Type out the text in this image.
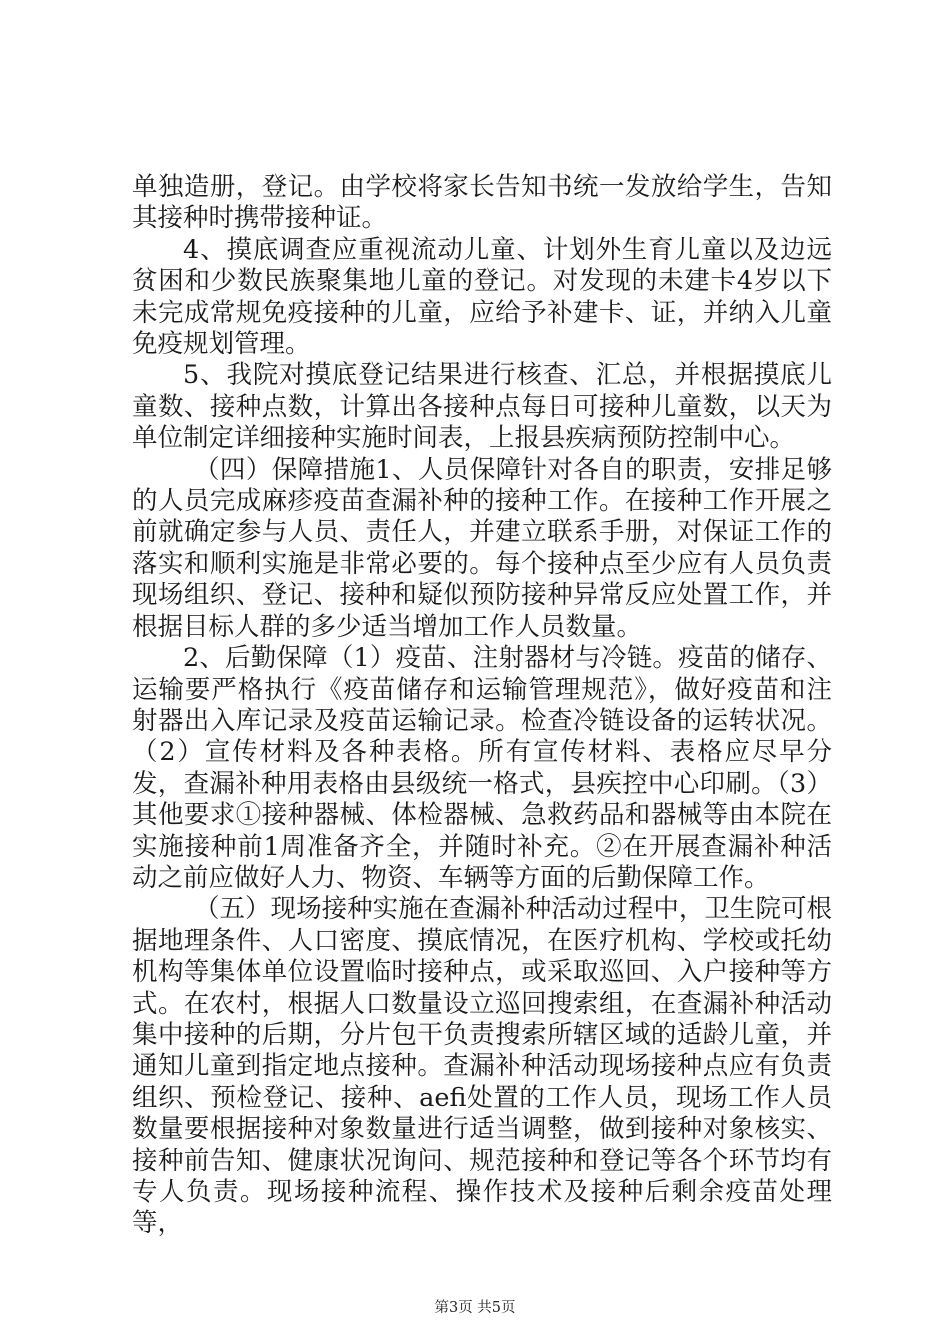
单独造册，登记。由学校将家长告知书统一发放给学生，告知其接种时携带接种证。

4、摸底调查应重视流动儿童、计划外生育儿童以及边远贫困和少数民族聚集地儿童的登记。对发现的未建卡4岁以下未完成常规免疫接种的儿童，应给予补建卡、证，并纳入儿童免疫规划管理。

5、我院对摸底登记结果进行核查、汇总，并根据摸底儿童数、接种点数，计算出各接种点每日可接种儿童数，以天为单位制定详细接种实施时间表，上报县疾病预防控制中心。

（四）保障措施1、人员保障针对各自的职责，安排足够的人员完成麻疹疫苗查漏补种的接种工作。在接种工作开展之前就确定参与人员、责任人，并建立联系手册，对保证工作的落实和顺利实施是非常必要的。每个接种点至少应有人员负责现场组织、登记、接种和疑似预防接种异常反应处置工作，并根据目标人群的多少适当增加工作人员数量。

2、后勤保障（1）疫苗、注射器材与冷链。疫苗的储存、运输要严格执行《疫苗储存和运输管理规范》，做好疫苗和注射器出入库记录及疫苗运输记录。检查冷链设备的运转状况。（2）宣传材料及各种表格。所有宣传材料、表格应尽早分发，查漏补种用表格由县级统一格式，县疾控中心印刷。（3）其他要求①接种器械、体检器械、急救药品和器械等由本院在实施接种前1周准备齐全，并随时补充。②在开展查漏补种活动之前应做好人力、物资、车辆等方面的后勤保障工作。

（五）现场接种实施在查漏补种活动过程中，卫生院可根据地理条件、人口密度、摸底情况，在医疗机构、学校或托幼机构等集体单位设置临时接种点，或采取巡回、入户接种等方式。在农村，根据人口数量设立巡回搜索组，在查漏补种活动集中接种的后期，分片包干负责搜索所辖区域的适龄儿童，并通知儿童到指定地点接种。查漏补种活动现场接种点应有负责组织、预检登记、接种、aefi处置的工作人员，现场工作人员数量要根据接种对象数量进行适当调整，做到接种对象核实、接种前告知、健康状况询问、规范接种和登记等各个环节均有专人负责。现场接种流程、操作技术及接种后剩余疫苗处理等，

第3页 共5页
